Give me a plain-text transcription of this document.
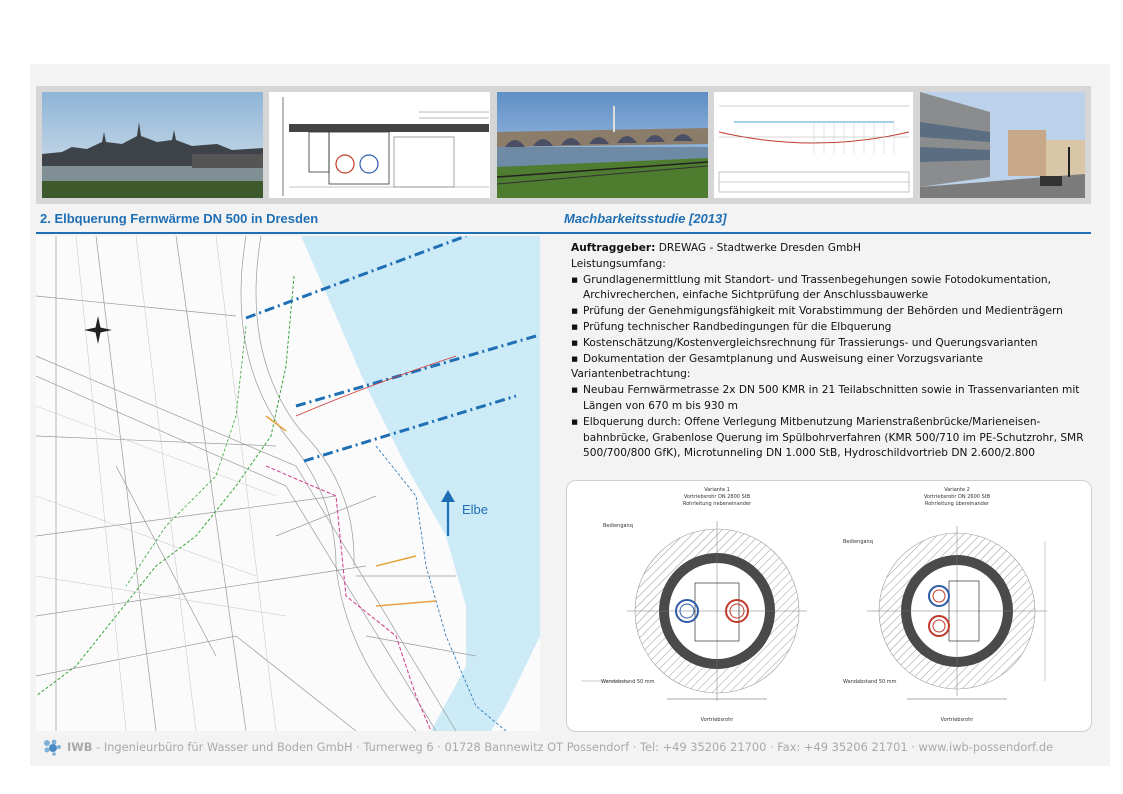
2. Elbquerung Fernwärme DN 500 in Dresden	Machbarkeitsstudie [2013]
Elbe
Auftraggeber: DREWAG - Stadtwerke Dresden GmbH
Leistungsumfang:
▪ Grundlagenermittlung mit Standort- und Trassenbegehungen sowie Fotodokumentation, Archivrecherchen, einfache Sichtprüfung der Anschlussbauwerke
▪ Prüfung der Genehmigungsfähigkeit mit Vorabstimmung der Behörden und Medienträgern
▪ Prüfung technischer Randbedingungen für die Elbquerung
▪ Kostenschätzung/Kostenvergleichsrechnung für Trassierungs- und Querungsvarianten
▪ Dokumentation der Gesamtplanung und Ausweisung einer Vorzugsvariante
Variantenbetrachtung:
▪ Neubau Fernwärmetrasse 2x DN 500 KMR in 21 Teilabschnitten sowie in Trassenvarianten mit Längen von 670 m bis 930 m
▪ Elbquerung durch: Offene Verlegung Mitbenutzung Marienstraßenbrücke/Marieneisen-bahnbrücke, Grabenlose Querung im Spülbohrverfahren (KMR 500/710 im PE-Schutzrohr, SMR 500/700/800 GfK), Microtunneling DN 1.000 StB, Hydroschildvortrieb DN 2.600/2.800
Variante 1
Vortriebsrohr DN 2800 StB
Rohrleitung nebeneinander
Bedienganq
Wandabstand 50 mm
Vortriebsrohr
Variante 2
Vortriebsrohr DN 2600 StB
Rohrleitung übereinander
Bedienganq
Wandabstand 50 mm
Vortriebsrohr
IWB - Ingenieurbüro für Wasser und Boden GmbH · Turnerweg 6 · 01728 Bannewitz OT Possendorf · Tel: +49 35206 21700 · Fax: +49 35206 21701 · www.iwb-possendorf.de
